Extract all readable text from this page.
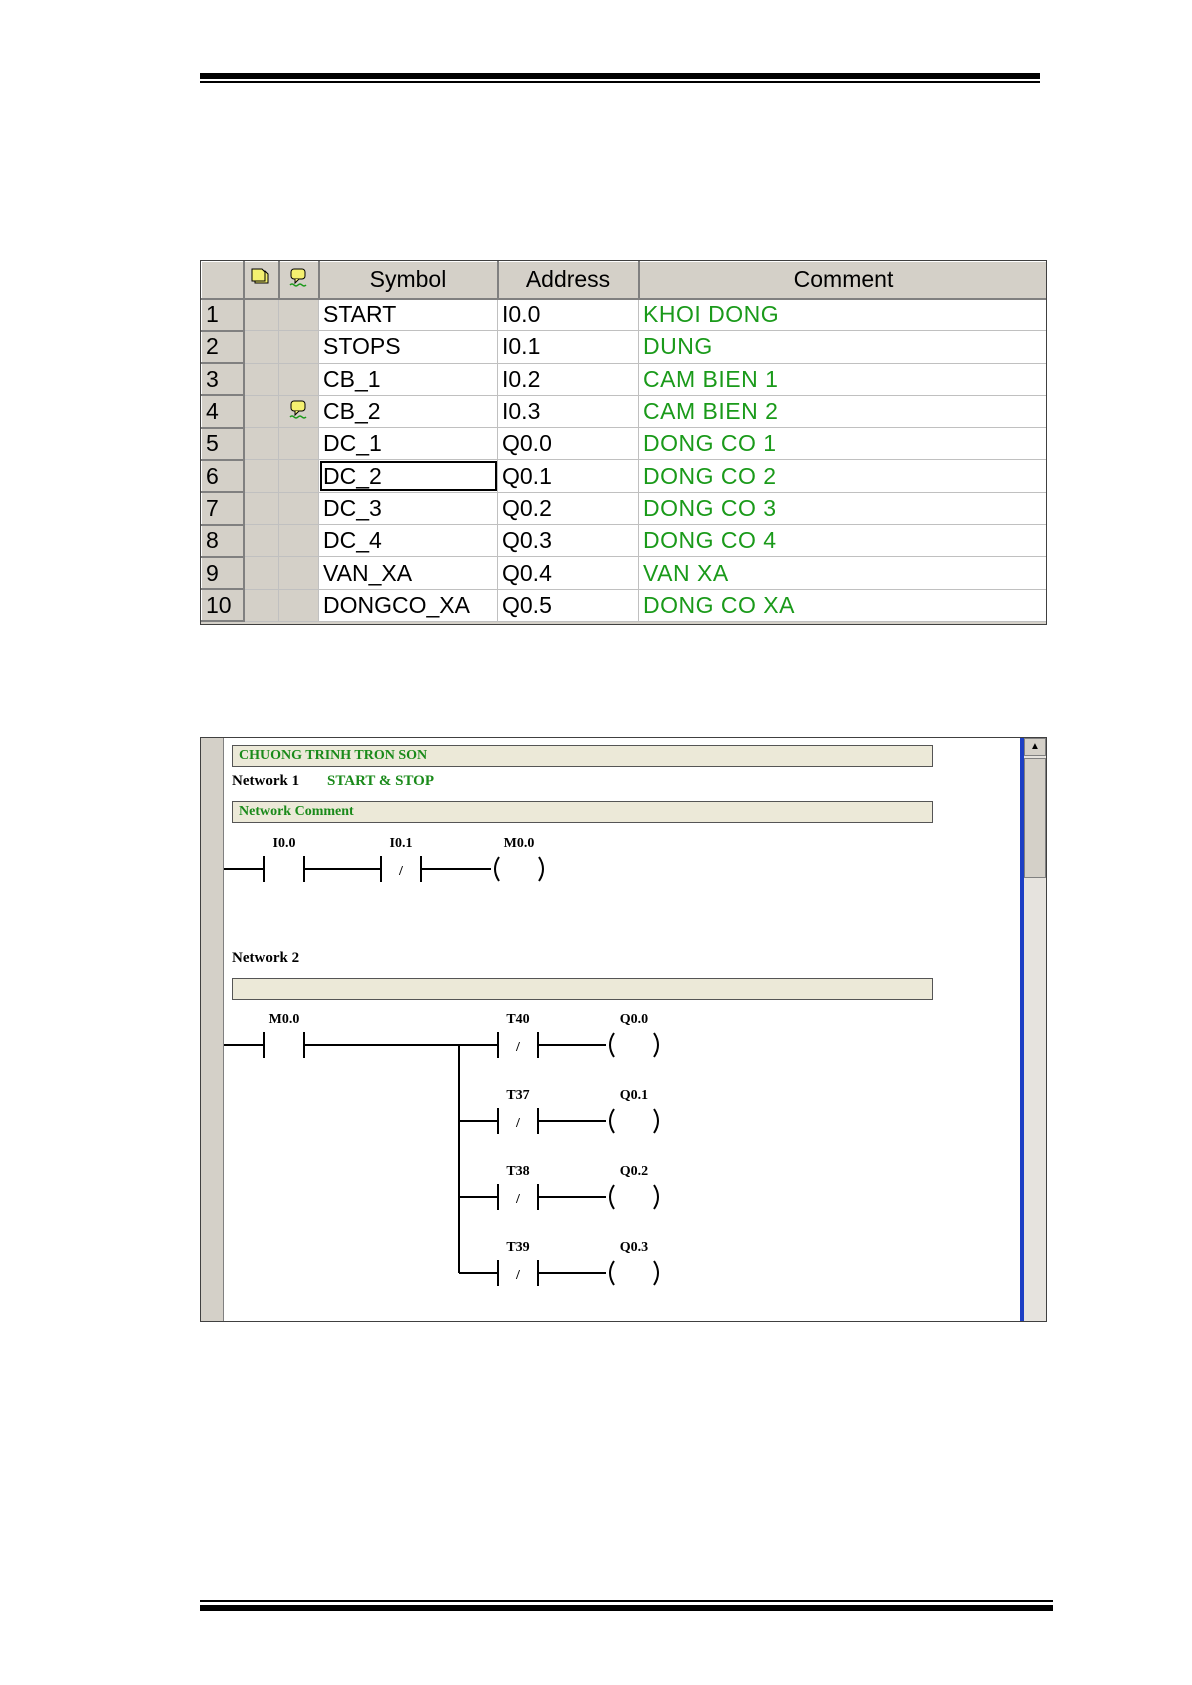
			Symbol	Address	Comment
1			START	I0.0	KHOI DONG
2			STOPS	I0.1	DUNG
3			CB_1	I0.2	CAM BIEN 1
4			CB_2	I0.3	CAM BIEN 2
5			DC_1	Q0.0	DONG CO 1
6			DC_2	Q0.1	DONG CO 2
7			DC_3	Q0.2	DONG CO 3
8			DC_4	Q0.3	DONG CO 4
9			VAN_XA	Q0.4	VAN XA
10			DONGCO_XA	Q0.5	DONG CO XA
CHUONG TRINH TRON SON
Network 1 START & STOP
Network Comment
Network 2
I0.0	I0.1
/
M0.0
M0.0	T40
/
Q0.0
T37
/
Q0.1
T38
/
Q0.2
T39
/
Q0.3
▲
